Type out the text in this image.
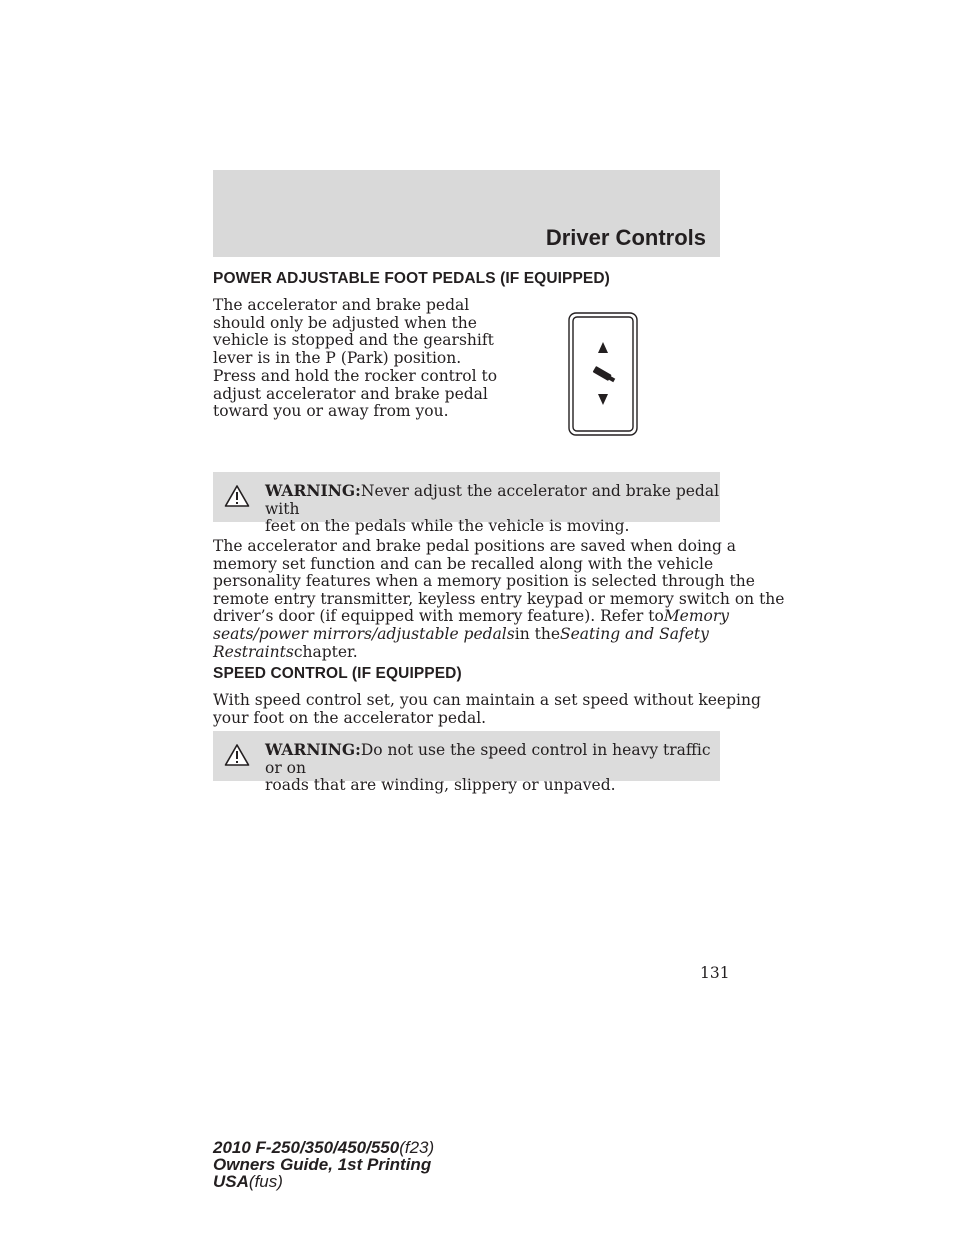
Driver Controls
POWER ADJUSTABLE FOOT PEDALS (IF EQUIPPED)

The accelerator and brake pedal
should only be adjusted when the
vehicle is stopped and the gearshift
lever is in the P (Park) position.

Press and hold the rocker control to
adjust accelerator and brake pedal
toward you or away from you.

WARNING:Never adjust the accelerator and brake pedal with
feet on the pedals while the vehicle is moving.

The accelerator and brake pedal positions are saved when doing a
memory set function and can be recalled along with the vehicle
personality features when a memory position is selected through the
remote entry transmitter, keyless entry keypad or memory switch on the
driver’s door (if equipped with memory feature). Refer toMemory
seats/power mirrors/adjustable pedalsin theSeating and Safety
Restraintschapter.

SPEED CONTROL (IF EQUIPPED)

With speed control set, you can maintain a set speed without keeping
your foot on the accelerator pedal.

WARNING:Do not use the speed control in heavy traffic or on
roads that are winding, slippery or unpaved.

131
2010 F-250/350/450/550(f23)
Owners Guide, 1st Printing
USA(fus)
